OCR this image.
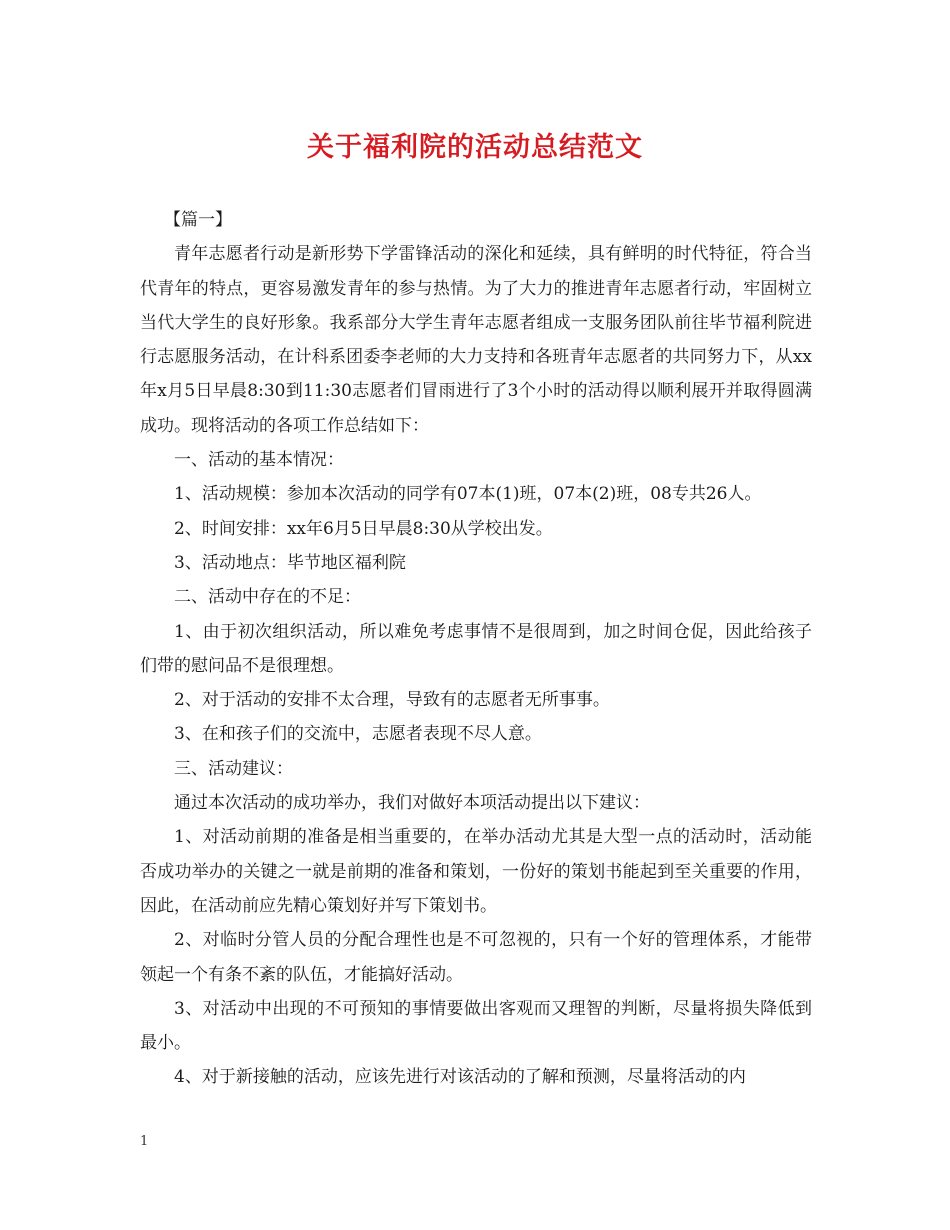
关于福利院的活动总结范文

【篇一】

青年志愿者行动是新形势下学雷锋活动的深化和延续，具有鲜明的时代特征，符合当代青年的特点，更容易激发青年的参与热情。为了大力的推进青年志愿者行动，牢固树立当代大学生的良好形象。我系部分大学生青年志愿者组成一支服务团队前往毕节福利院进行志愿服务活动，在计科系团委李老师的大力支持和各班青年志愿者的共同努力下，从xx年x月5日早晨8:30到11:30志愿者们冒雨进行了3个小时的活动得以顺利展开并取得圆满成功。现将活动的各项工作总结如下：

一、活动的基本情况：

1、活动规模：参加本次活动的同学有07本(1)班，07本(2)班，08专共26人。

2、时间安排：xx年6月5日早晨8:30从学校出发。

3、活动地点：毕节地区福利院

二、活动中存在的不足：

1、由于初次组织活动，所以难免考虑事情不是很周到，加之时间仓促，因此给孩子们带的慰问品不是很理想。

2、对于活动的安排不太合理，导致有的志愿者无所事事。

3、在和孩子们的交流中，志愿者表现不尽人意。

三、活动建议：

通过本次活动的成功举办，我们对做好本项活动提出以下建议：

1、对活动前期的准备是相当重要的，在举办活动尤其是大型一点的活动时，活动能否成功举办的关键之一就是前期的准备和策划，一份好的策划书能起到至关重要的作用，因此，在活动前应先精心策划好并写下策划书。

2、对临时分管人员的分配合理性也是不可忽视的，只有一个好的管理体系，才能带领起一个有条不紊的队伍，才能搞好活动。

3、对活动中出现的不可预知的事情要做出客观而又理智的判断，尽量将损失降低到最小。

4、对于新接触的活动，应该先进行对该活动的了解和预测，尽量将活动的内

1
